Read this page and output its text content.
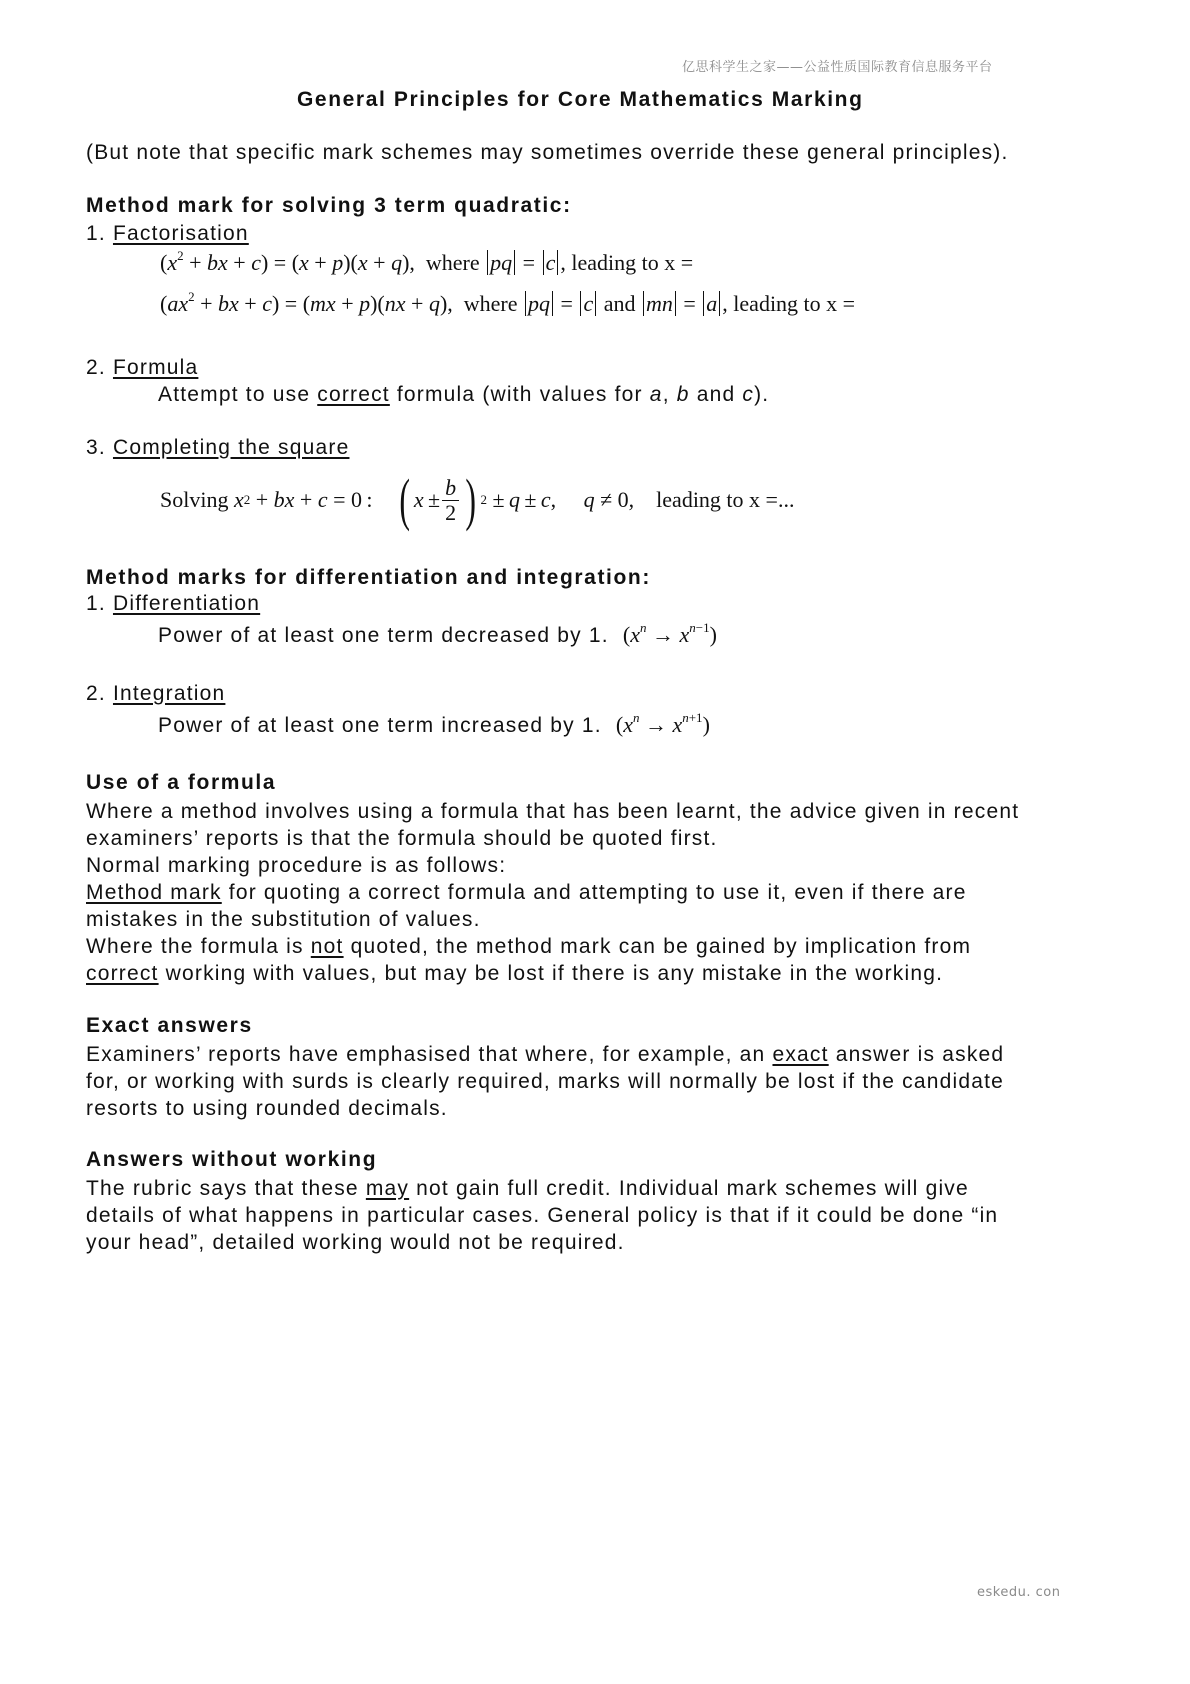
亿思科学生之家——公益性质国际教育信息服务平台
eskedu. con
General Principles for Core Mathematics Marking
(But note that specific mark schemes may sometimes override these general principles).
Method mark for solving 3 term quadratic:
1. Factorisation
($x^2$ + bx + c) = (x + p)(x + q),  where pq = c , leading to x =
($ax^2$ + bx + c) = (mx + p)(nx + q),  where pq = c and mn = a , leading to x =
2. Formula
Attempt to use correct formula (with values for a, b and c).
3. Completing the square
Solving
x 2 + bx + c = 0 : ( $x \pm \frac{b}{2}$ ) 2 ±  q  ±  c , q ≠ 0, leading to x =...
Method marks for differentiation and integration:
1. Differentiation
Power of at least one term decreased by 1. $(x^n \to x^{n-1})$
2. Integration
Power of at least one term increased by 1. $(x^n \to x^{n+1})$
Use of a formula

Where a method involves using a formula that has been learnt, the advice given in recent

examiners’ reports is that the formula should be quoted first.

Normal marking procedure is as follows:

Method mark for quoting a correct formula and attempting to use it, even if there are

mistakes in the substitution of values.

Where the formula is not quoted, the method mark can be gained by implication from

correct working with values, but may be lost if there is any mistake in the working.

Exact answers

Examiners’ reports have emphasised that where, for example, an exact answer is asked

for, or working with surds is clearly required, marks will normally be lost if the candidate

resorts to using rounded decimals.

Answers without working

The rubric says that these may not gain full credit. Individual mark schemes will give

details of what happens in particular cases. General policy is that if it could be done “in

your head”, detailed working would not be required.
